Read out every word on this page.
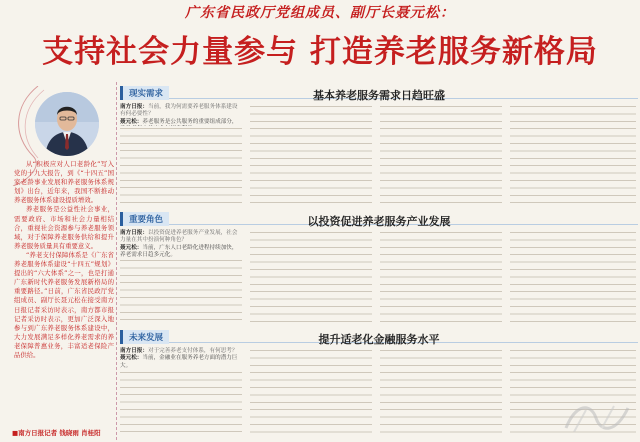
广东省民政厅党组成员、副厅长聂元松：
支持社会力量参与 打造养老服务新格局

从“积极应对人口老龄化”写入党的十九大报告，到《“十四五”国家老龄事业发展和养老服务体系规划》出台，近年来，我国不断推动养老服务体系建设提质增效。

养老服务是公益性社会事业，需要政府、市场和社会力量相结合，重视社会资源参与养老服务领域，对于保障养老服务供给和提升养老服务质量具有重要意义。

“养老支付保障体系是《广东省养老服务体系建设“十四五”规划》提出的“六大体系”之一，也是打通广东新时代养老服务发展新格局的重要路径。”日前，广东省民政厅党组成员、副厅长聂元松在接受南方日报记者采访时表示，南方都市报记者采访时表示，更加广泛深入地参与到广东养老服务体系建设中，大力发展满足多样化养老需求的养老保障普惠业务，丰富适老保险产品供给。

■南方日报记者 钱晓雨 肖桂阳
现实需求	基本养老服务需求日趋旺盛
南方日报：当前，我为何需要养老服务体系建设有何必要性？
聂元松：养老服务是公共服务的重要组成部分，
重要角色	以投资促进养老服务产业发展
南方日报：以投资促进养老服务产业发展，社会力量在其中扮演何种角色？
聂元松：当前，广东人口老龄化进程持续加快，养老需求日趋多元化。
未来发展	提升适老化金融服务水平
南方日报：对于完善养老支付体系，有何思考？
聂元松：当前，金融业在服务养老方面的潜力巨大。
